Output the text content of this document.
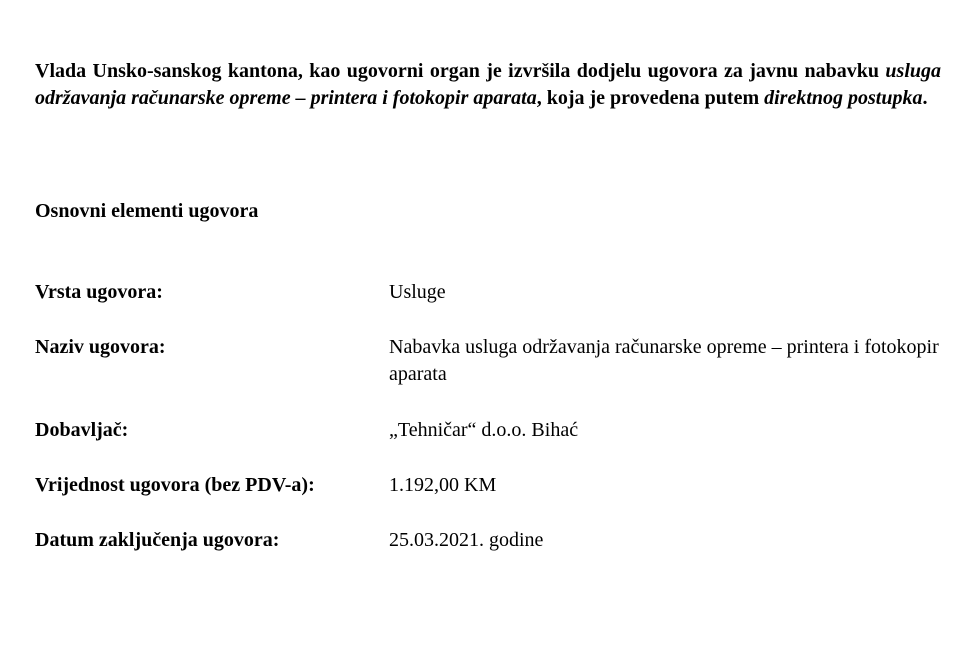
Vlada Unsko-sanskog kantona, kao ugovorni organ je izvršila dodjelu ugovora za javnu nabavku usluga održavanja računarske opreme – printera i fotokopir aparata, koja je provedena putem direktnog postupka.

Osnovni elementi ugovora
Vrsta ugovora:	Usluge
Naziv ugovora:	Nabavka usluga održavanja računarske opreme – printera i fotokopir aparata
Dobavljač:	„Tehničar“ d.o.o. Bihać
Vrijednost ugovora (bez PDV-a):	1.192,00 KM
Datum zaključenja ugovora:	25.03.2021. godine
